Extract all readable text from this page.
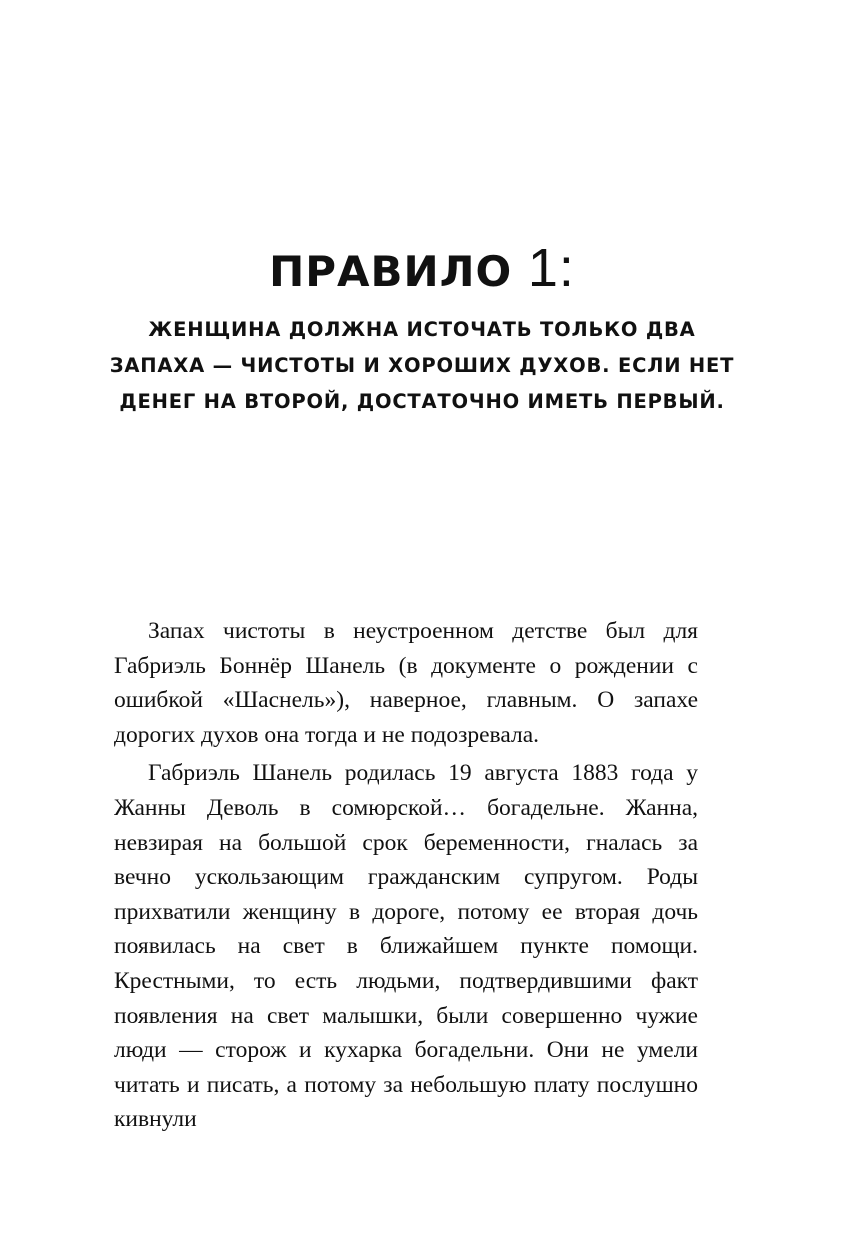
ПРАВИЛО 1:
ЖЕНЩИНА ДОЛЖНА ИСТОЧАТЬ ТОЛЬКО ДВА
ЗАПАХА — ЧИСТОТЫ И ХОРОШИХ ДУХОВ. ЕСЛИ НЕТ
ДЕНЕГ НА ВТОРОЙ, ДОСТАТОЧНО ИМЕТЬ ПЕРВЫЙ.

Запах чистоты в неустроенном детстве был для Габриэль Боннёр Шанель (в документе о рождении с ошибкой «Шаснель»), наверное, главным. О запахе дорогих духов она тогда и не подозревала.

Габриэль Шанель родилась 19 августа 1883 года у Жанны Деволь в сомюрской… богадельне. Жанна, невзирая на большой срок беременности, гналась за вечно ускользающим гражданским супругом. Роды прихватили женщину в дороге, потому ее вторая дочь появилась на свет в ближайшем пункте помощи. Крестными, то есть людьми, подтвердившими факт появления на свет малышки, были совершенно чужие люди — сторож и кухарка богадельни. Они не умели читать и писать, а потому за небольшую плату послушно кивнули
